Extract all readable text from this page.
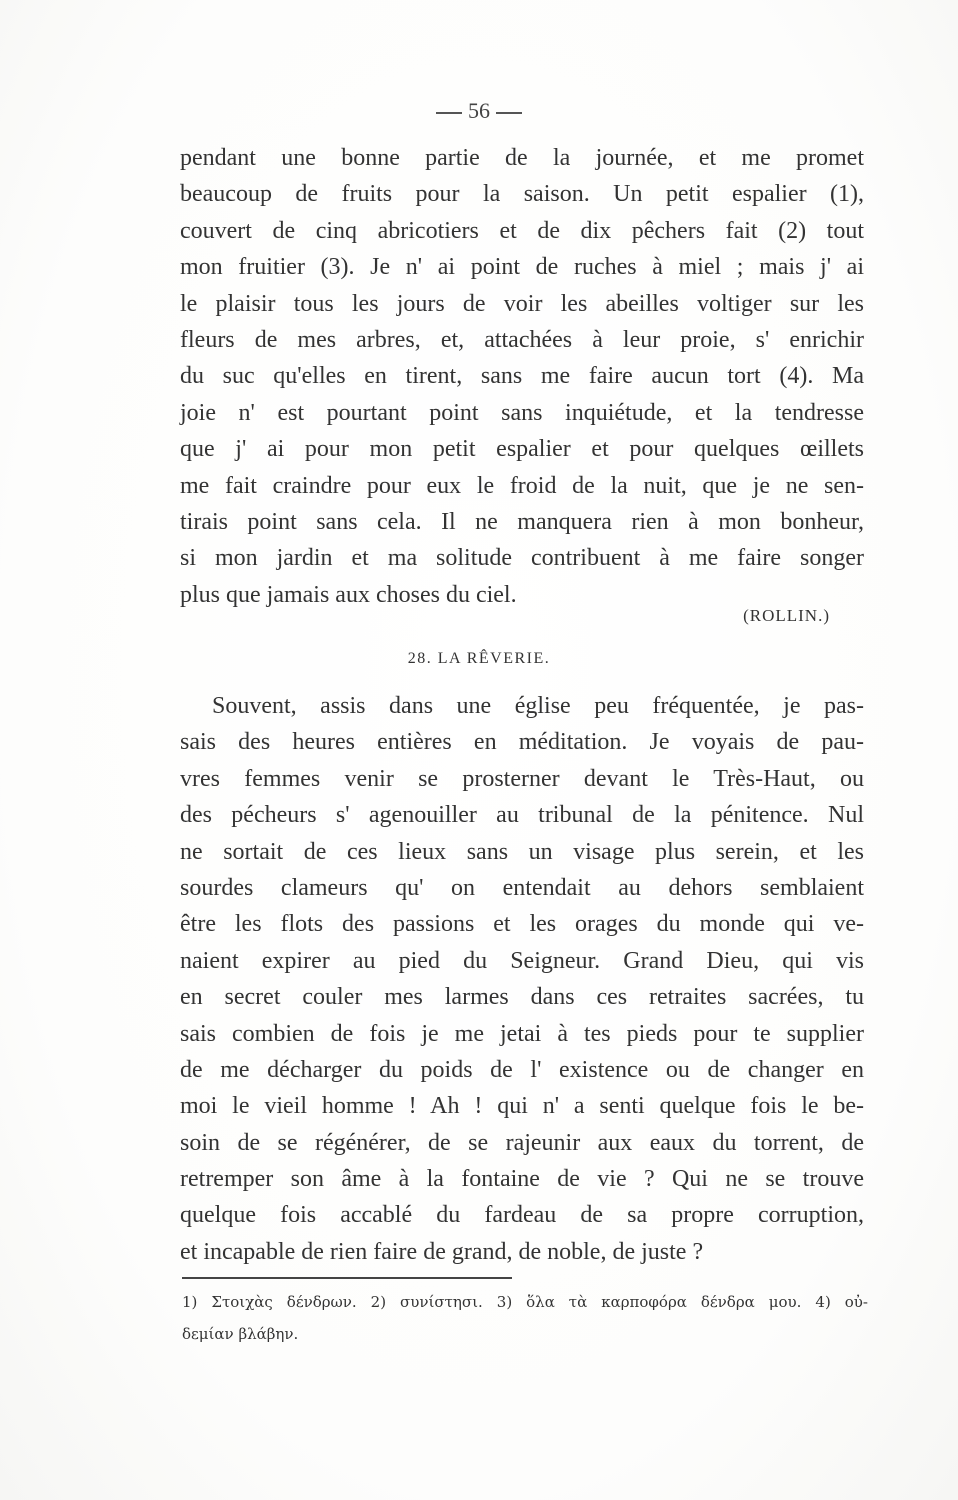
56
pendant une bonne partie de la journée, et me promet
beaucoup de fruits pour la saison. Un petit espalier (1),
couvert de cinq abricotiers et de dix pêchers fait (2) tout
mon fruitier (3). Je n' ai point de ruches à miel ; mais j' ai
le plaisir tous les jours de voir les abeilles voltiger sur les
fleurs de mes arbres, et, attachées à leur proie, s' enrichir
du suc qu'elles en tirent, sans me faire aucun tort (4). Ma
joie n' est pourtant point sans inquiétude, et la tendresse
que j' ai pour mon petit espalier et pour quelques œillets
me fait craindre pour eux le froid de la nuit, que je ne sen-
tirais point sans cela. Il ne manquera rien à mon bonheur,
si mon jardin et ma solitude contribuent à me faire songer
plus que jamais aux choses du ciel.
(ROLLIN.)
28. LA RÊVERIE.
Souvent, assis dans une église peu fréquentée, je pas-
sais des heures entières en méditation. Je voyais de pau-
vres femmes venir se prosterner devant le Très-Haut, ou
des pécheurs s' agenouiller au tribunal de la pénitence. Nul
ne sortait de ces lieux sans un visage plus serein, et les
sourdes clameurs qu' on entendait au dehors semblaient
être les flots des passions et les orages du monde qui ve-
naient expirer au pied du Seigneur. Grand Dieu, qui vis
en secret couler mes larmes dans ces retraites sacrées, tu
sais combien de fois je me jetai à tes pieds pour te supplier
de me décharger du poids de l' existence ou de changer en
moi le vieil homme ! Ah ! qui n' a senti quelque fois le be-
soin de se régénérer, de se rajeunir aux eaux du torrent, de
retremper son âme à la fontaine de vie ? Qui ne se trouve
quelque fois accablé du fardeau de sa propre corruption,
et incapable de rien faire de grand, de noble, de juste ?
1) Στοιχὰς δένδρων. 2) συνίστησι. 3) ὅλα τὰ καρποφόρα δένδρα μου. 4) οὐ-
δεμίαν βλάβην.
